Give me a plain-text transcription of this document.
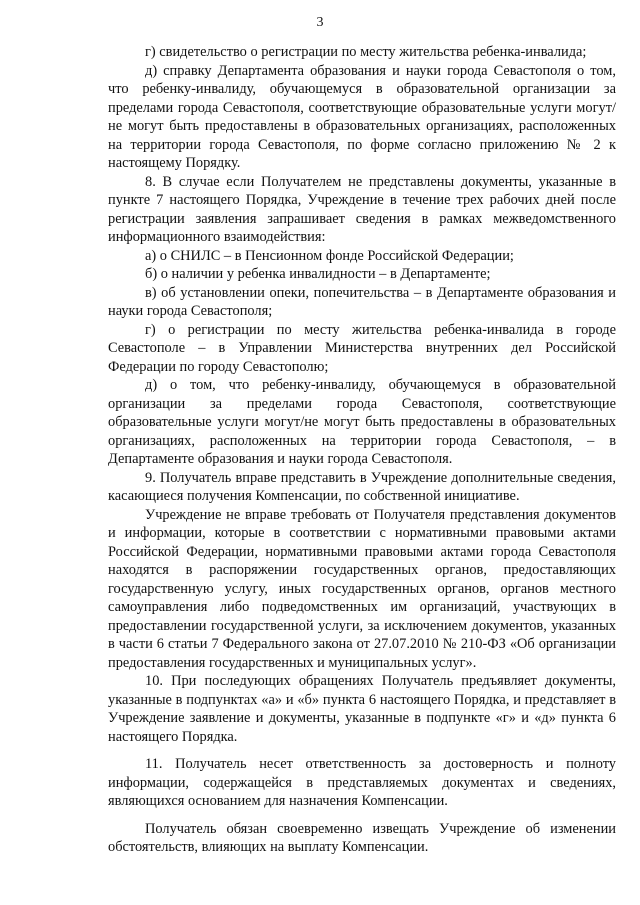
3

г) свидетельство о регистрации по месту жительства ребенка-инвалида;

д) справку Департамента образования и науки города Севастополя о том, что ребенку-инвалиду, обучающемуся в образовательной организации за пределами города Севастополя, соответствующие образовательные услуги могут/не могут быть предоставлены в образовательных организациях, расположенных на территории города Севастополя, по форме согласно приложению № 2 к настоящему Порядку.

8. В случае если Получателем не представлены документы, указанные в пункте 7 настоящего Порядка, Учреждение в течение трех рабочих дней после регистрации заявления запрашивает сведения в рамках межведомственного информационного взаимодействия:

а) о СНИЛС – в Пенсионном фонде Российской Федерации;

б) о наличии у ребенка инвалидности – в Департаменте;

в) об установлении опеки, попечительства – в Департаменте образования и науки города Севастополя;

г) о регистрации по месту жительства ребенка-инвалида в городе Севастополе – в Управлении Министерства внутренних дел Российской Федерации по городу Севастополю;

д) о том, что ребенку-инвалиду, обучающемуся в образовательной организации за пределами города Севастополя, соответствующие образовательные услуги могут/не могут быть предоставлены в образовательных организациях, расположенных на территории города Севастополя, – в Департаменте образования и науки города Севастополя.

9. Получатель вправе представить в Учреждение дополнительные сведения, касающиеся получения Компенсации, по собственной инициативе.

Учреждение не вправе требовать от Получателя представления документов и информации, которые в соответствии с нормативными правовыми актами Российской Федерации, нормативными правовыми актами города Севастополя находятся в распоряжении государственных органов, предоставляющих государственную услугу, иных государственных органов, органов местного самоуправления либо подведомственных им организаций, участвующих в предоставлении государственной услуги, за исключением документов, указанных в части 6 статьи 7 Федерального закона от 27.07.2010 № 210-ФЗ «Об организации предоставления государственных и муниципальных услуг».

10. При последующих обращениях Получатель предъявляет документы, указанные в подпунктах «а» и «б» пункта 6 настоящего Порядка, и представляет в Учреждение заявление и документы, указанные в подпункте «г» и «д» пункта 6 настоящего Порядка.

11. Получатель несет ответственность за достоверность и полноту информации, содержащейся в представляемых документах и сведениях, являющихся основанием для назначения Компенсации.

Получатель обязан своевременно извещать Учреждение об изменении обстоятельств, влияющих на выплату Компенсации.
